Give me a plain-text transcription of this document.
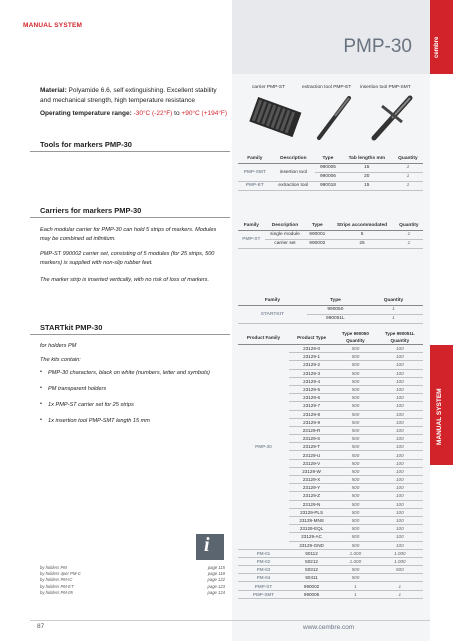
MANUAL SYSTEM
PMP-30	cembre
MANUAL SYSTEM
Material: Polyamide 6.6, self extinguishing. Excellent stability and mechanical strength, high temperature resistance
Operating temperature range: -30°C (-22°F) to +90°C (+194°F)
carrier PMP-ST	extraction tool PMP-ET insertion tool PMP-SMT
Tools for markers PMP-30
Family	Description	Type	Tab lengths mm	Quantity
PMP-SMT	insertion tool	990005	15	1
		990006	20	1
PMP-ET	extraction tool	990018	15	1
Carriers for markers PMP-30
Each modular carrier for PMP-30 can hold 5 strips of markers. Modules may be combined ad infinitum.
PMP-ST 990002 carrier set, consisting of 5 modules (for 25 strips, 500 markers) is supplied with non-slip rubber feet.
The marker strip is inserted vertically, with no risk of loss of markers.
Family	Description	Type	Strips accommodated	Quantity
PMP-ST	single module	990001	5	1
	carrier set	990002	25	1
STARTkit PMP-30
for holders PM
The kits contain:
• PMP-30 characters, black on white (numbers, letter and symbols)
• PM transparent holders
• 1x PMP-ST carrier set for 25 strips
• 1x insertion tool PMP-SMT length 15 mm
Family	Type	Quantity
STARTKIT	990050	1
	990051L	1
Product Family	Product Type	Type 990050	Type 990051L
		Quantity	Quantity
PMP-30	23129-0	500	100
	23129-1	500	100
	23129-2	500	100
	23129-3	500	100
	23129-4	500	100
	23129-5	500	100
	23129-6	500	100
	23129-7	500	100
	23129-8	500	100
	23129-9	500	100
	23129-R	500	100
	23129-S	500	100
	23129-T	500	100
	23129-U	500	100
	23129-V	500	100
	23129-W	500	100
	23129-X	500	100
	23129-Y	500	100
	23129-Z	500	100
	23129-N	500	100
	23129-PLS	500	100
	23129-MNS	500	100
	23129-EQL	500	100
	23129-AC	500	100
	23129-GND	500	100
PM-01	50112	1.000	1.000
PM-02	50212	1.000	1.000
PM-03	50312	500	500
PM-04	50411	500	
PMP-ST	990002	1	1
PMP-SMT	990005	1	1
i
by holders PM	page 115
by holders 4per PM-C	page 118
by holders PM-IC	page 122
by holders PM-ET	page 123
by holders PM-05	page 124
87	www.cembre.com
